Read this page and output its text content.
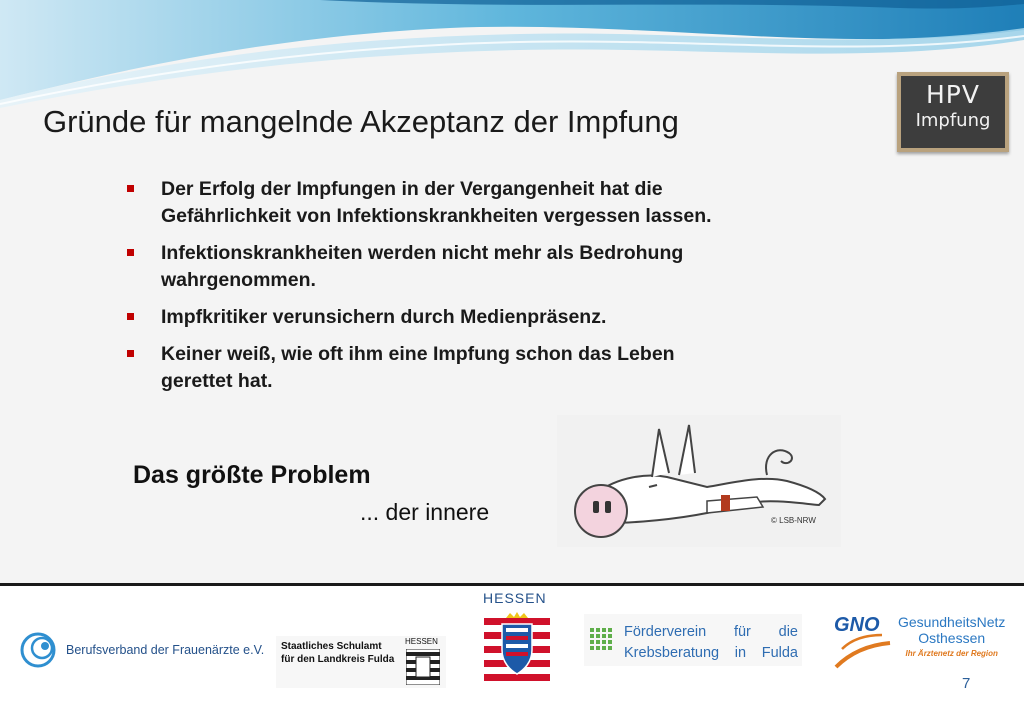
Gründe für mangelnde Akzeptanz der Impfung
HPV
Impfung
Der Erfolg der Impfungen in der Vergangenheit hat die Gefährlichkeit von Infektionskrankheiten vergessen lassen.
Infektionskrankheiten werden nicht mehr als Bedrohung wahrgenommen.
Impfkritiker verunsichern durch Medienpräsenz.
Keiner weiß, wie oft ihm eine Impfung schon das Leben gerettet hat.
Das größte Problem
... der innere	© LSB-NRW
Berufsverband der Frauenärzte e.V. Staatliches Schulamt
für den Landkreis Fulda
HESSEN
HESSEN
Förderverein für die
Krebsberatung in Fulda
GNO GesundheitsNetz
Osthessen
Ihr Ärztenetz der Region
7
